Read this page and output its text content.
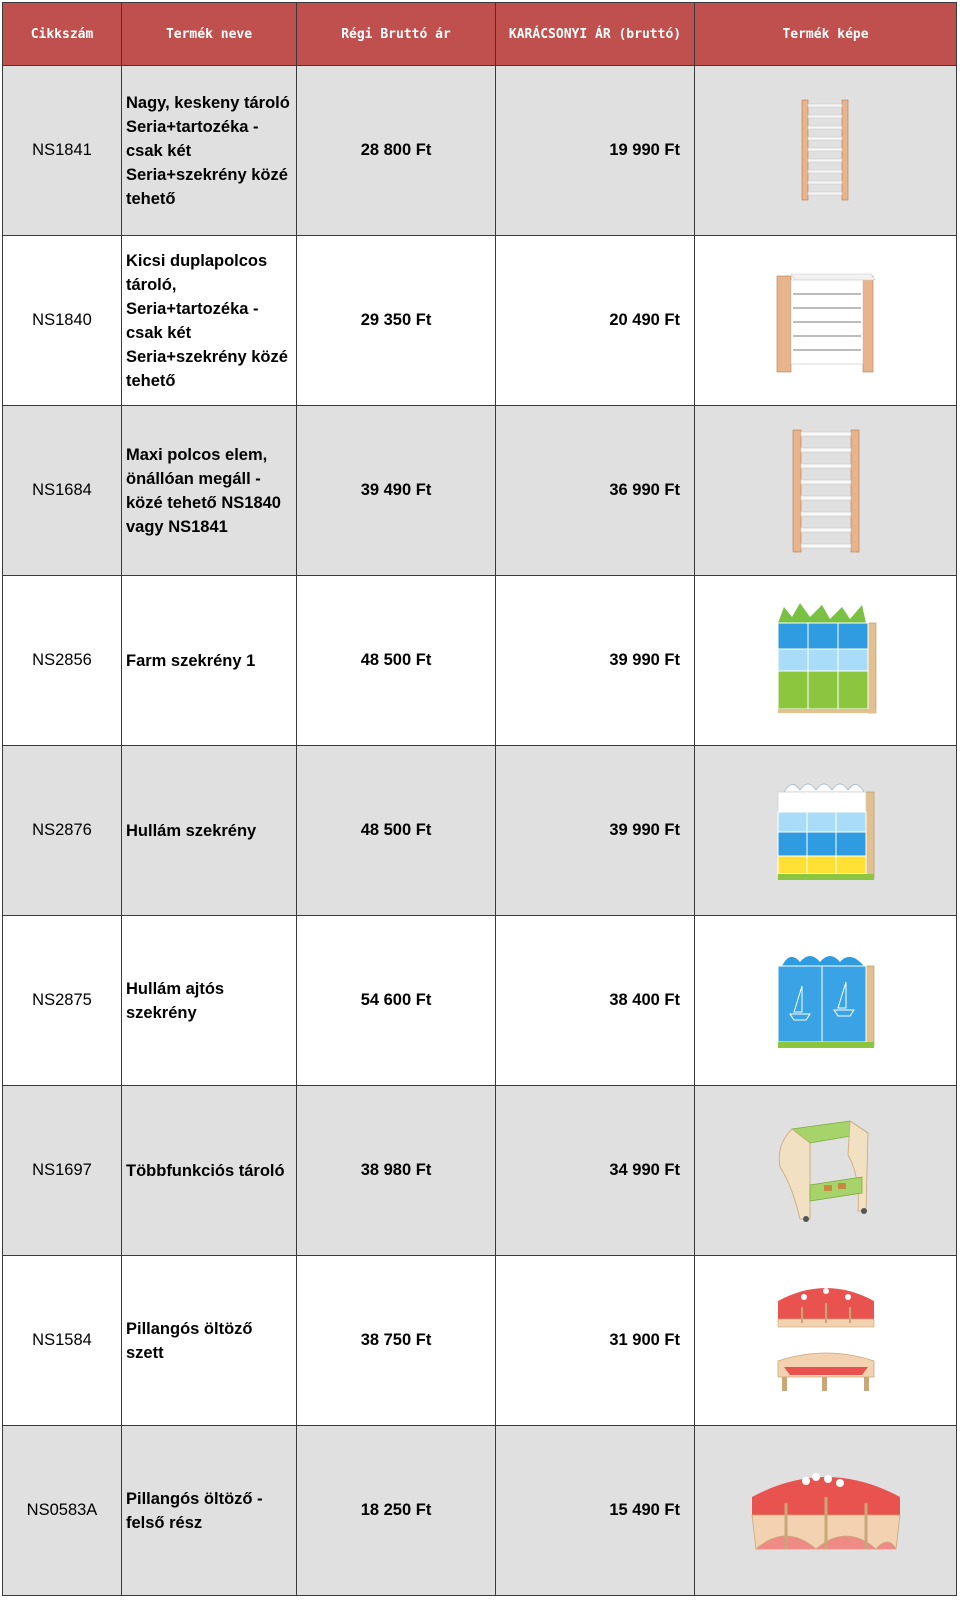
Cikkszám	Termék neve	Régi Bruttó ár	KARÁCSONYI ÁR (bruttó)	Termék képe
NS1841	Nagy, keskeny tároló Seria+tartozéka - csak két Seria+szekrény közé tehető	28 800 Ft	19 990 Ft	

NS1840	Kicsi duplapolcos tároló, Seria+tartozéka - csak két Seria+szekrény közé tehető	29 350 Ft	20 490 Ft	

NS1684	Maxi polcos elem, önállóan megáll - közé tehető NS1840 vagy NS1841	39 490 Ft	36 990 Ft	

NS2856	Farm szekrény 1	48 500 Ft	39 990 Ft	

NS2876	Hullám szekrény	48 500 Ft	39 990 Ft	

NS2875	Hullám ajtós szekrény	54 600 Ft	38 400 Ft	

NS1697	Többfunkciós tároló	38 980 Ft	34 990 Ft	

NS1584	Pillangós öltöző szett	38 750 Ft	31 900 Ft	

NS0583A	Pillangós öltöző - felső rész	18 250 Ft	15 490 Ft	
